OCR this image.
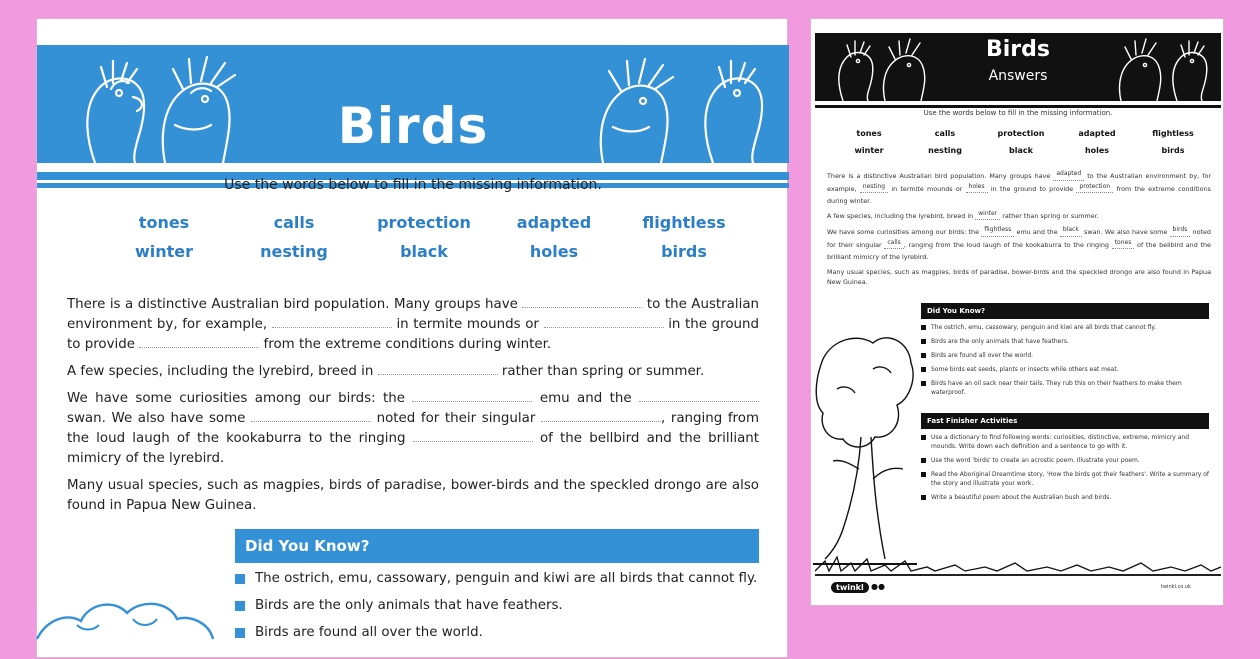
Birds
Use the words below to fill in the missing information.
tones	calls	protection	adapted	flightless
winter	nesting	black	holes	birds

There is a distinctive Australian bird population. Many groups have	to the Australian environment by, for example,	in termite mounds or	in the ground to provide	from the extreme conditions during winter.

A few species, including the lyrebird, breed in	rather than spring or summer.

We have some curiosities among our birds: the	emu and the  swan. We also have some	noted for their singular	, ranging from the loud laugh of the kookaburra to the ringing	of the bellbird and the brilliant mimicry of the lyrebird.

Many usual species, such as magpies, birds of paradise, bower-birds and the speckled drongo are also found in Papua New Guinea.

Did You Know?
The ostrich, emu, cassowary, penguin and kiwi are all birds that cannot fly.
Birds are the only animals that have feathers.
Birds are found all over the world.
Birds
Answers
Use the words below to fill in the missing information.
tones	calls	protection	adapted	flightless
winter	nesting	black	holes	birds

There is a distinctive Australian bird population. Many groups have adapted to the Australian environment by, for example, nesting in termite mounds or holes in the ground to provide protection from the extreme conditions during winter.

A few species, including the lyrebird, breed in winter rather than spring or summer.

We have some curiosities among our birds: the flightless emu and the black swan. We also have some birds noted for their singular calls , ranging from the loud laugh of the kookaburra to the ringing tones of the bellbird and the brilliant mimicry of the lyrebird.

Many usual species, such as magpies, birds of paradise, bower-birds and the speckled drongo are also found in Papua New Guinea.

Did You Know?
The ostrich, emu, cassowary, penguin and kiwi are all birds that cannot fly.
Birds are the only animals that have feathers.
Birds are found all over the world.
Some birds eat seeds, plants or insects while others eat meat.
Birds have an oil sack near their tails. They rub this on their feathers to make them waterproof.
Fast Finisher Activities
Use a dictionary to find following words: curiosities, distinctive, extreme, mimicry and mounds. Write down each definition and a sentence to go with it.
Use the word 'birds' to create an acrostic poem. Illustrate your poem.
Read the Aboriginal Dreamtime story, 'How the birds got their feathers'. Write a summary of the story and illustrate your work.
Write a beautiful poem about the Australian bush and birds.
twinkl ●●	twinkl.co.uk
